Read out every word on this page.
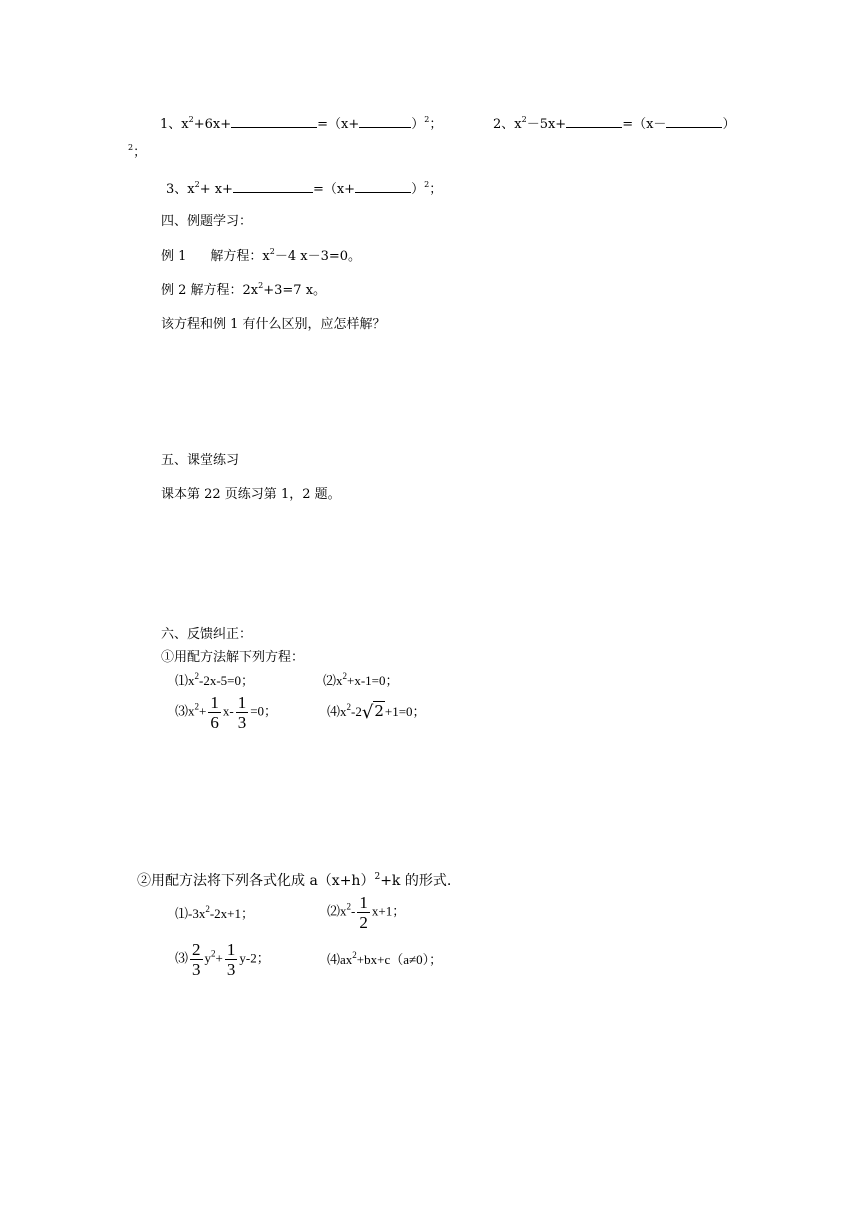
1、$x^2+6x+$	=（x+	）$^2$；	2、$x^2-5x+$	=（x－	）
$^2$；
3、$x^2+ x+$	=（x+	）$^2$；
四、例题学习：
例 1 解方程：$x^2-4$ x－3=0。
例 2 解方程：$2x^2+3=7$ x。
该方程和例 1 有什么区别，应怎样解？
五、课堂练习
课本第 22 页练习第 1，2 题。
六、反馈纠正：
①用配方法解下列方程：
$⑴x^2-2x-5=0$；	$⑵x^2+x-1=0$；
$⑶x^2+ \frac{1}{6} x- \frac{1}{3} =0$；	$⑷x^2-2√2+1=0$；
②用配方法将下列各式化成 $a(x+h)^2+k$ 的形式.
$⑴-3x^2-2x+1$；	$⑵x^2- \frac{1}{2} x+1$；
⑶ $\frac{2}{3} y^2+ \frac{1}{3} y-2$；	$⑷ax^2+bx+c(a\ne 0)$；
